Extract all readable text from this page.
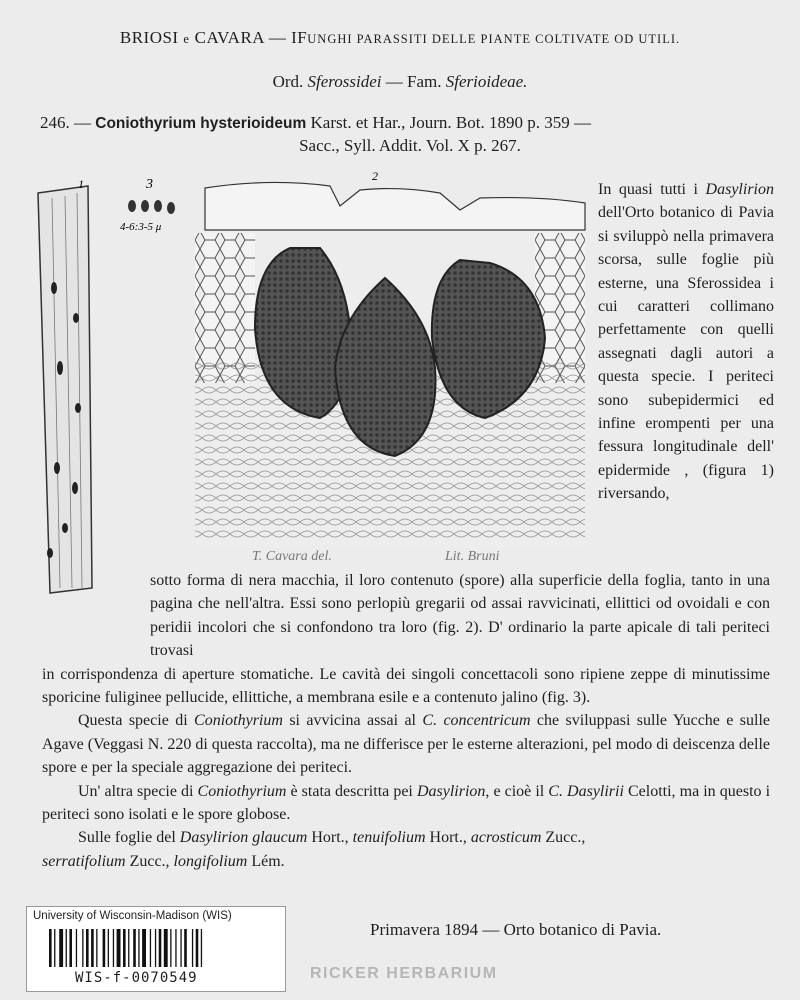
BRIOSI e CAVARA — IFUNGHI PARASSITI DELLE PIANTE COLTIVATE OD UTILI.
Ord. Sferossidei — Fam. Sferioideae.
246. — Coniothyrium hysterioideum Karst. et Har., Journ. Bot. 1890 p. 359 —
Sacc., Syll. Addit. Vol. X p. 267.
1	3
4-6:3-5 μ
2
T. Cavara del.	Lit. Bruni
In quasi tutti i Dasylirion dell'Orto botanico di Pavia si sviluppò nella primavera scorsa, sulle foglie più esterne, una Sferossidea i cui caratteri collimano perfettamente con quelli assegnati dagli autori a questa specie. I periteci sono subepidermici ed infine erompenti per una fessura longitudinale dell' epidermide , (figura 1) riversando,

sotto forma di nera macchia, il loro contenuto (spore) alla superficie della foglia, tanto in una pagina che nell'altra. Essi sono perlopiù gregarii od assai ravvicinati, ellittici od ovoidali e con peridii incolori che si confondono tra loro (fig. 2). D' ordinario la parte apicale di tali periteci trovasi

in corrispondenza di aperture stomatiche. Le cavità dei singoli concettacoli sono ripiene zeppe di minutissime sporicine fuliginee pellucide, ellittiche, a membrana esile e a contenuto jalino (fig. 3).

Questa specie di Coniothyrium si avvicina assai al C. concentricum che sviluppasi sulle Yucche e sulle Agave (Veggasi N. 220 di questa raccolta), ma ne differisce per le esterne alterazioni, pel modo di deiscenza delle spore e per la speciale aggregazione dei periteci.

Un' altra specie di Coniothyrium è stata descritta pei Dasylirion, e cioè il C. Dasylirii Celotti, ma in questo i periteci sono isolati e le spore globose.

Sulle foglie del Dasylirion glaucum Hort., tenuifolium Hort., acrosticum Zucc.,
serratifolium Zucc., longifolium Lém.

Primavera 1894 — Orto botanico di Pavia.
University of Wisconsin-Madison (WIS)
WIS-f-0070549	RICKER HERBARIUM
